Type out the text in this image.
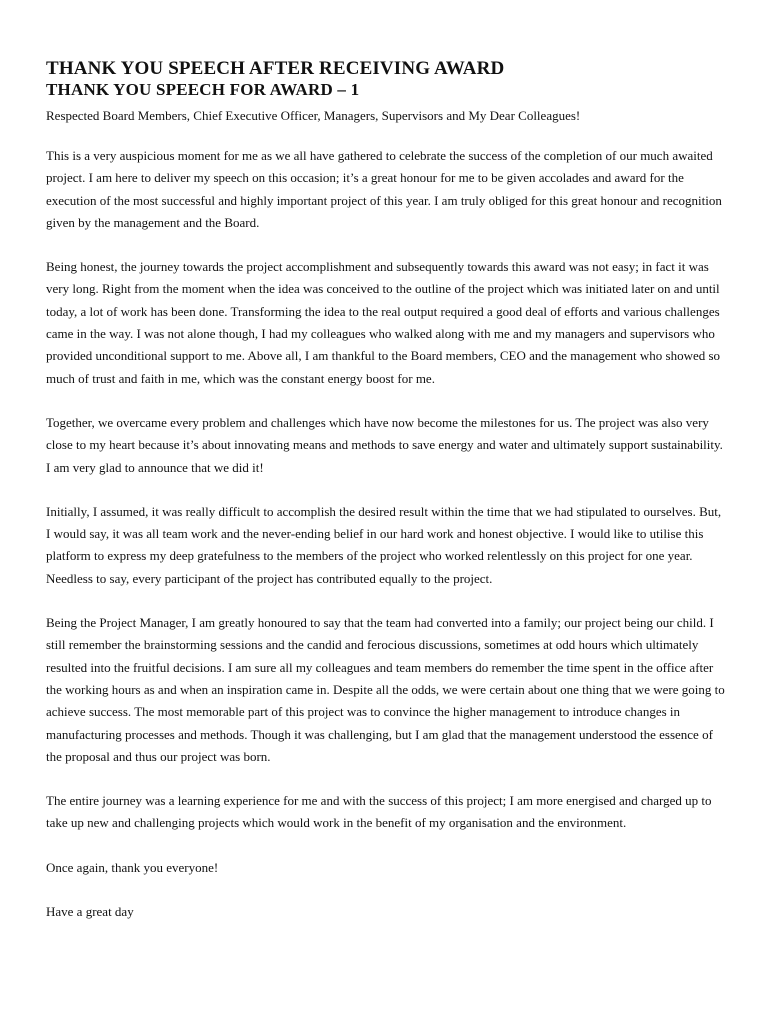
THANK YOU SPEECH AFTER RECEIVING AWARD
THANK YOU SPEECH FOR AWARD – 1

Respected Board Members, Chief Executive Officer, Managers, Supervisors and My Dear Colleagues!

This is a very auspicious moment for me as we all have gathered to celebrate the success of the completion of our much awaited project. I am here to deliver my speech on this occasion; it’s a great honour for me to be given accolades and award for the execution of the most successful and highly important project of this year. I am truly obliged for this great honour and recognition given by the management and the Board.

Being honest, the journey towards the project accomplishment and subsequently towards this award was not easy; in fact it was very long. Right from the moment when the idea was conceived to the outline of the project which was initiated later on and until today, a lot of work has been done. Transforming the idea to the real output required a good deal of efforts and various challenges came in the way. I was not alone though, I had my colleagues who walked along with me and my managers and supervisors who provided unconditional support to me. Above all, I am thankful to the Board members, CEO and the management who showed so much of trust and faith in me, which was the constant energy boost for me.

Together, we overcame every problem and challenges which have now become the milestones for us. The project was also very close to my heart because it’s about innovating means and methods to save energy and water and ultimately support sustainability. I am very glad to announce that we did it!

Initially, I assumed, it was really difficult to accomplish the desired result within the time that we had stipulated to ourselves. But, I would say, it was all team work and the never-ending belief in our hard work and honest objective. I would like to utilise this platform to express my deep gratefulness to the members of the project who worked relentlessly on this project for one year. Needless to say, every participant of the project has contributed equally to the project.

Being the Project Manager, I am greatly honoured to say that the team had converted into a family; our project being our child. I still remember the brainstorming sessions and the candid and ferocious discussions, sometimes at odd hours which ultimately resulted into the fruitful decisions. I am sure all my colleagues and team members do remember the time spent in the office after the working hours as and when an inspiration came in. Despite all the odds, we were certain about one thing that we were going to achieve success. The most memorable part of this project was to convince the higher management to introduce changes in manufacturing processes and methods. Though it was challenging, but I am glad that the management understood the essence of the proposal and thus our project was born.

The entire journey was a learning experience for me and with the success of this project; I am more energised and charged up to take up new and challenging projects which would work in the benefit of my organisation and the environment.

Once again, thank you everyone!

Have a great day
